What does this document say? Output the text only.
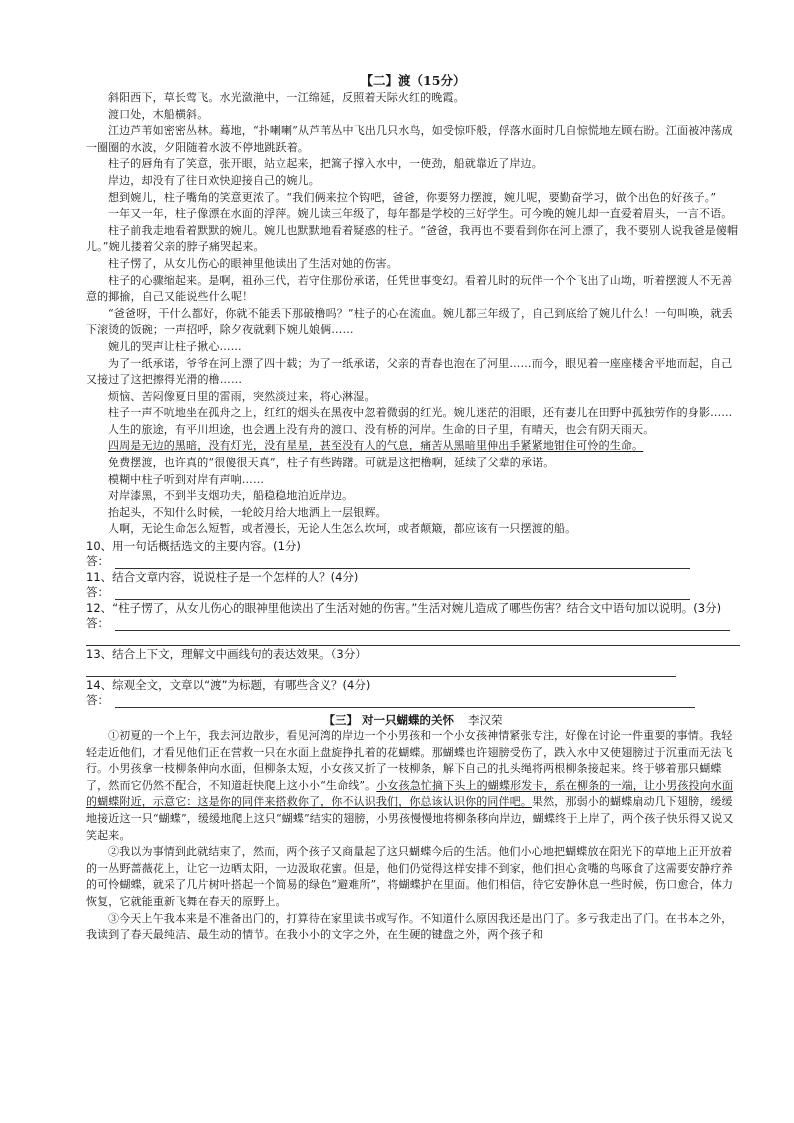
【二】渡（15分）

斜阳西下，草长莺飞。水光潋滟中，一江绵延，反照着天际火红的晚霞。

渡口处，木船横斜。

江边芦苇如密密丛林。蓦地，“扑喇喇”从芦苇丛中飞出几只水鸟，如受惊吓般，俘落水面时几自惊慌地左顾右盼。江面被冲荡成一圈圈的水波，夕阳随着水波不停地跳跃着。

柱子的唇角有了笑意，张开眼，站立起来，把篙子撑入水中，一使劲，船就靠近了岸边。

岸边，却没有了往日欢快迎接自己的婉儿。

想到婉儿，柱子嘴角的笑意更浓了。“我们俩来拉个钩吧，爸爸，你要努力摆渡，婉儿呢，要勤奋学习，做个出色的好孩子。”

一年又一年，柱子像漂在水面的浮萍。婉儿读三年级了，每年都是学校的三好学生。可今晚的婉儿却一直爱着眉头，一言不语。

柱子前我走地看着默默的婉儿。婉儿也默默地看着疑惑的柱子。“爸爸，我再也不要看到你在河上漂了，我不要别人说我爸是傻帽儿。”婉儿搂着父亲的脖子痛哭起来。

柱子愣了，从女儿伤心的眼神里他读出了生活对她的伤害。

柱子的心骤缩起来。是啊，祖孙三代，若守住那份承诺，任凭世事变幻。看着儿时的玩伴一个个飞出了山坳，听着摆渡人不无善意的揶揄，自己又能说些什么呢！

“爸爸呀，干什么都好，你就不能丢下那破橹吗？”柱子的心在流血。婉儿都三年级了，自己到底给了婉儿什么！一句叫唤，就丢下滚烫的饭碗；一声招呼，除夕夜就剩下婉儿娘俩……

婉儿的哭声让柱子揪心……

为了一纸承诺，爷爷在河上漂了四十载；为了一纸承诺，父亲的青春也泡在了河里……而今，眼见着一座座楼舍平地而起，自己又接过了这把擦得光滑的橹……

烦恼、苦闷像夏日里的雷雨，突然淡过来，将心淋湿。

柱子一声不吭地坐在孤舟之上，红红的烟头在黑夜中忽着微弱的红光。婉儿迷茫的泪眼，还有妻儿在田野中孤独劳作的身影……

人生的旅途，有平川坦途，也会遇上没有舟的渡口、没有桥的河岸。生命的日子里，有晴天，也会有阴天雨天。

四周是无边的黑暗，没有灯光，没有星星，甚至没有人的气息，痛苦从黑暗里伸出手紧紧地钳住可怜的生命。

免费摆渡，也许真的“很傻很天真”，柱子有些踌躇。可就是这把橹啊，延续了父辈的承诺。

模糊中柱子听到对岸有声响……

对岸漆黑，不到半支烟功夫，船稳稳地泊近岸边。

抬起头，不知什么时候，一轮皎月给大地洒上一层银辉。

人啊，无论生命怎么短暂，或者漫长，无论人生怎么坎坷，或者颠簸，都应该有一只摆渡的船。

10、用一句话概括选文的主要内容。(1分)
答：
11、结合文章内容，说说柱子是一个怎样的人？(4分)
答：
12、“柱子愣了，从女儿伤心的眼神里他读出了生活对她的伤害。”生活对婉儿造成了哪些伤害？结合文中语句加以说明。(3分)
答：
13、结合上下文，理解文中画线句的表达效果。（3分）
14、综观全文，文章以“渡”为标题，有哪些含义？(4分)
答：
【三】 对一只蝴蝶的关怀 李汉荣

①初夏的一个上午，我去河边散步，看见河湾的岸边一个小男孩和一个小女孩神情紧张专注，好像在讨论一件重要的事情。我轻轻走近他们，才看见他们正在营救一只在水面上盘旋挣扎着的花蝴蝶。那蝴蝶也许翅膀受伤了，跌入水中又使翅膀过于沉重而无法飞行。小男孩拿一枝柳条伸向水面，但柳条太短，小女孩又折了一枝柳条，解下自己的扎头绳将两根柳条接起来。终于够着那只蝴蝶了，然而它仍然不配合，不知道赶快爬上这小小“生命线”。小女孩急忙摘下头上的蝴蝶形发卡，系在柳条的一端，让小男孩投向水面的蝴蝶附近，示意它：这是你的同伴来搭救你了，你不认识我们，你总该认识你的同伴吧。果然，那弱小的蝴蝶扇动几下翅膀，缓缓地接近这一只“蝴蝶”，缓缓地爬上这只“蝴蝶”结实的翅膀，小男孩慢慢地将柳条移向岸边，蝴蝶终于上岸了，两个孩子快乐得又说又笑起来。

②我以为事情到此就结束了，然而，两个孩子又商量起了这只蝴蝶今后的生活。他们小心地把蝴蝶放在阳光下的草地上正开放着的一丛野蔷薇花上，让它一边晒太阳，一边汲取花蜜。但是，他们仍觉得这样安排不到家，他们担心贪嘴的鸟啄食了这需要安静疗养的可怜蝴蝶，就采了几片树叶搭起一个简易的绿色“避难所”，将蝴蝶护在里面。他们相信，待它安静休息一些时候，伤口愈合，体力恢复，它就能重新飞舞在春天的原野上。

③今天上午我本来是不准备出门的，打算待在家里读书或写作。不知道什么原因我还是出门了。多亏我走出了门。在书本之外，我读到了春天最纯洁、最生动的情节。在我小小的文字之外，在生硬的键盘之外，两个孩子和
